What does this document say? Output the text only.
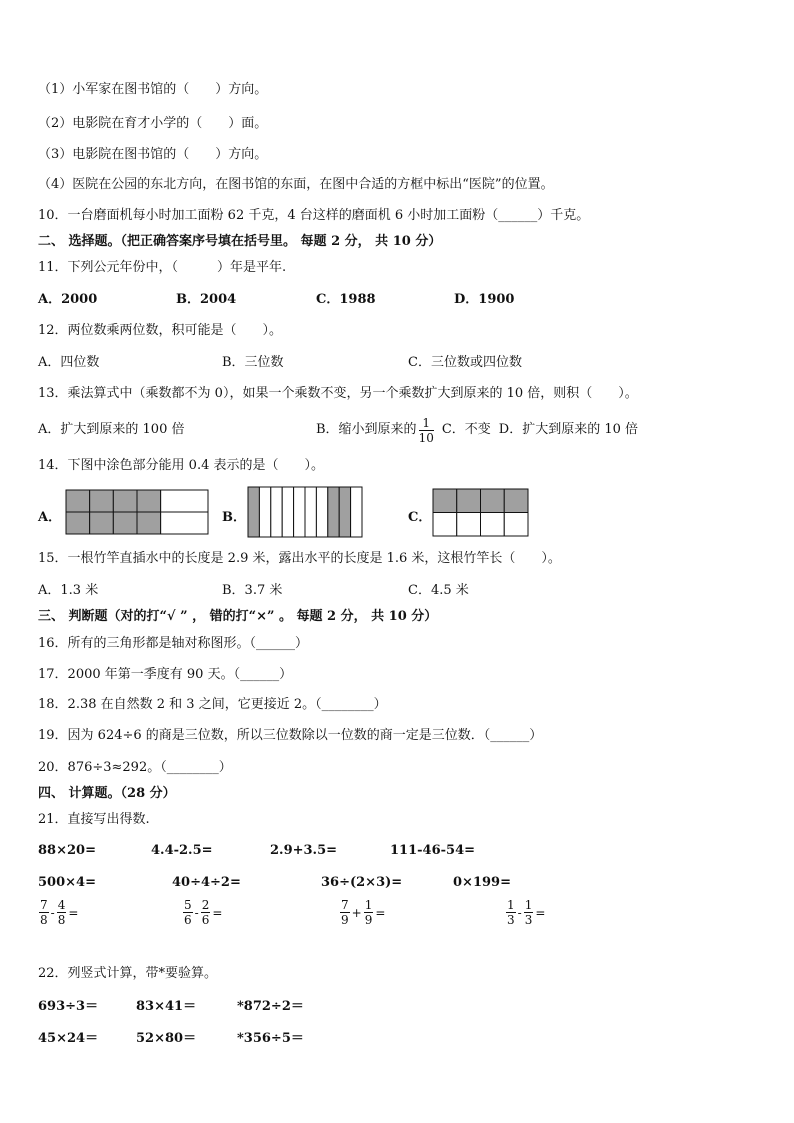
（1）小军家在图书馆的（　　）方向。
（2）电影院在育才小学的（　　）面。
（3）电影院在图书馆的（　　）方向。
（4）医院在公园的东北方向，在图书馆的东面，在图中合适的方框中标出“医院”的位置。
10．一台磨面机每小时加工面粉 62 千克，4 台这样的磨面机 6 小时加工面粉（______）千克。
二、 选择题。（把正确答案序号填在括号里。 每题 2 分， 共 10 分）
11．下列公元年份中，（　　　）年是平年.
A．2000	B．2004	C．1988	D．1900
12．两位数乘两位数，积可能是（　　）。
A．四位数	B．三位数	C．三位数或四位数
13．乘法算式中（乘数都不为 0），如果一个乘数不变，另一个乘数扩大到原来的 10 倍，则积（　　）。
A．扩大到原来的 100 倍	B．缩小到原来的 $\frac{1}{10}$ C．不变 D．扩大到原来的 10 倍
14．下图中涂色部分能用 0.4 表示的是（　　）。
A．	B．	C．
15．一根竹竿直插水中的长度是 2.9 米，露出水平的长度是 1.6 米，这根竹竿长（　　）。
A．1.3 米	B．3.7 米	C．4.5 米
三、 判断题（对的打“√ ” ， 错的打“×” 。 每题 2 分， 共 10 分）
16．所有的三角形都是轴对称图形。（______）
17．2000 年第一季度有 90 天。（______）
18．2.38 在自然数 2 和 3 之间，它更接近 2。（________）
19．因为 624÷6 的商是三位数，所以三位数除以一位数的商一定是三位数．（______）
20．876÷3≈292。（________）
四、 计算题。（28 分）
21．直接写出得数.
88×20=	4.4-2.5=	2.9+3.5=	111-46-54=
500×4=	40÷4÷2=	36÷(2×3)=	0×199=
$\frac{7}{8} - \frac{4}{8}$ =	$\frac{5}{6} - \frac{2}{6}$ =	$\frac{7}{9} + \frac{1}{9}$ =	$\frac{1}{3} - \frac{1}{3}$ =
22．列竖式计算，带*要验算。
693÷3＝	83×41＝	*872÷2＝
45×24＝	52×80＝	*356÷5＝
